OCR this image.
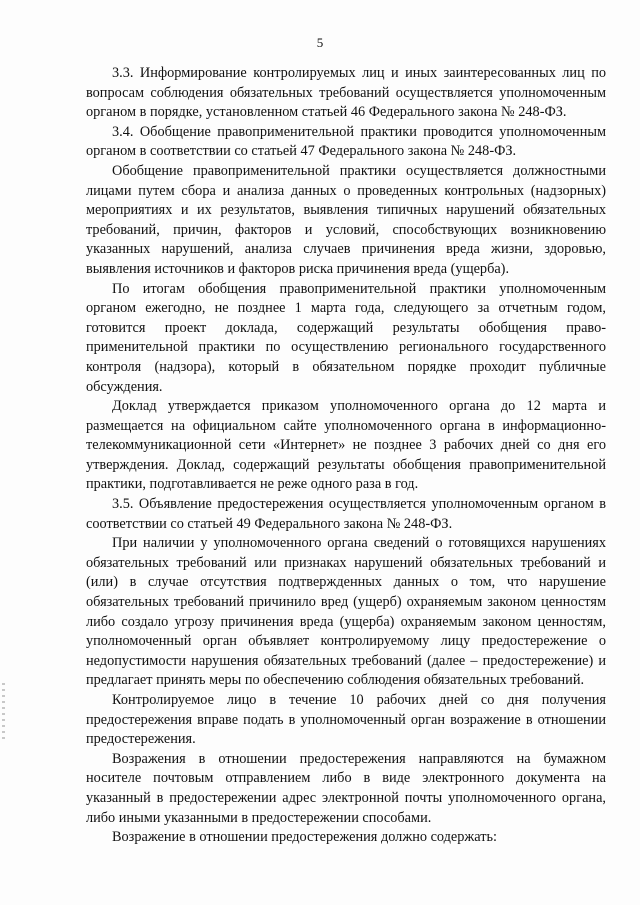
5

3.3. Информирование контролируемых лиц и иных заинтересованных лиц по вопросам соблюдения обязательных требований осуществляется уполномоченным органом в порядке, установленном статьей 46 Федерального закона № 248-ФЗ.

3.4. Обобщение правоприменительной практики проводится уполномоченным органом в соответствии со статьей 47 Федерального закона № 248-ФЗ.

Обобщение правоприменительной практики осуществляется должностными лицами путем сбора и анализа данных о проведенных контрольных (надзорных) мероприятиях и их результатов, выявления типичных нарушений обязательных требований, причин, факторов и условий, способствующих возникновению указанных нарушений, анализа случаев причинения вреда жизни, здоровью, выявления источников и факторов риска причинения вреда (ущерба).

По итогам обобщения правоприменительной практики уполномоченным органом ежегодно, не позднее 1 марта года, следующего за отчетным годом, готовится проект доклада, содержащий результаты обобщения правоприменительной практики по осуществлению регионального государственного контроля (надзора), который в обязательном порядке проходит публичные обсуждения.

Доклад утверждается приказом уполномоченного органа до 12 марта и размещается на официальном сайте уполномоченного органа в информационно-телекоммуникационной сети «Интернет» не позднее 3 рабочих дней со дня его утверждения. Доклад, содержащий результаты обобщения правоприменительной практики, подготавливается не реже одного раза в год.

3.5. Объявление предостережения осуществляется уполномоченным органом в соответствии со статьей 49 Федерального закона № 248-ФЗ.

При наличии у уполномоченного органа сведений о готовящихся нарушениях обязательных требований или признаках нарушений обязательных требований и (или) в случае отсутствия подтвержденных данных о том, что нарушение обязательных требований причинило вред (ущерб) охраняемым законом ценностям либо создало угрозу причинения вреда (ущерба) охраняемым законом ценностям, уполномоченный орган объявляет контролируемому лицу предостережение о недопустимости нарушения обязательных требований (далее – предостережение) и предлагает принять меры по обеспечению соблюдения обязательных требований.

Контролируемое лицо в течение 10 рабочих дней со дня получения предостережения вправе подать в уполномоченный орган возражение в отношении предостережения.

Возражения в отношении предостережения направляются на бумажном носителе почтовым отправлением либо в виде электронного документа на указанный в предостережении адрес электронной почты уполномоченного органа, либо иными указанными в предостережении способами.

Возражение в отношении предостережения должно содержать:
